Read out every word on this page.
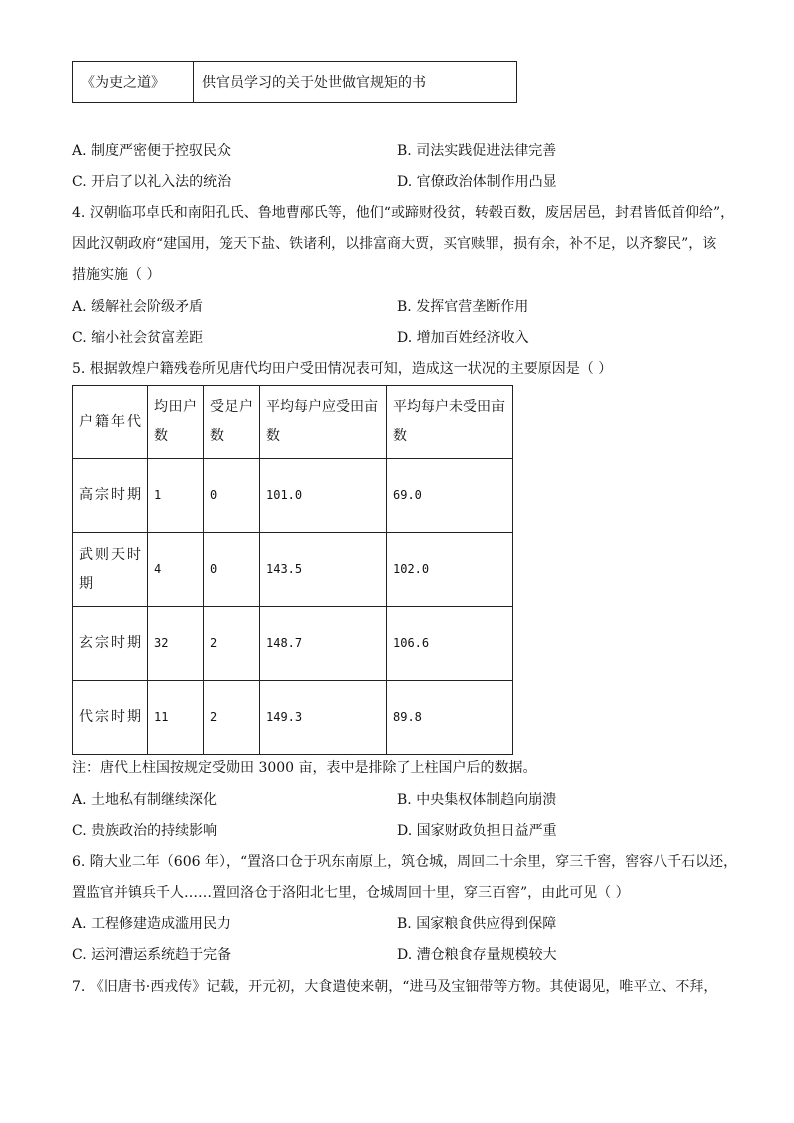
《为吏之道》	供官员学习的关于处世做官规矩的书
A. 制度严密便于控驭民众	B. 司法实践促进法律完善
C. 开启了以礼入法的统治	D. 官僚政治体制作用凸显
4. 汉朝临邛卓氏和南阳孔氏、鲁地曹邴氏等，他们“或蹄财役贫，转毂百数，废居居邑，封君皆低首仰给”，
因此汉朝政府“建国用，笼天下盐、铁诸利，以排富商大贾，买官赎罪，损有余，补不足，以齐黎民”，该
措施实施（ ）
A. 缓解社会阶级矛盾	B. 发挥官营垄断作用
C. 缩小社会贫富差距	D. 增加百姓经济收入
5. 根据敦煌户籍残卷所见唐代均田户受田情况表可知，造成这一状况的主要原因是（ ）
户籍年代	均田户数	受足户数	平均每户应受田亩数	平均每户未受田亩数

高宗时期	1	0	101.0	69.0

武则天时期	4	0	143.5	102.0

玄宗时期	32	2	148.7	106.6

代宗时期	11	2	149.3	89.8
注：唐代上柱国按规定受勋田 3000 亩，表中是排除了上柱国户后的数据。
A. 土地私有制继续深化	B. 中央集权体制趋向崩溃
C. 贵族政治的持续影响	D. 国家财政负担日益严重
6. 隋大业二年（606 年），“置洛口仓于巩东南原上，筑仓城，周回二十余里，穿三千窖，窖容八千石以还，
置监官并镇兵千人……置回洛仓于洛阳北七里，仓城周回十里，穿三百窖”，由此可见（ ）
A. 工程修建造成滥用民力	B. 国家粮食供应得到保障
C. 运河漕运系统趋于完备	D. 漕仓粮食存量规模较大
7. 《旧唐书·西戎传》记载，开元初，大食遣使来朝，“进马及宝钿带等方物。其使谒见，唯平立、不拜，
